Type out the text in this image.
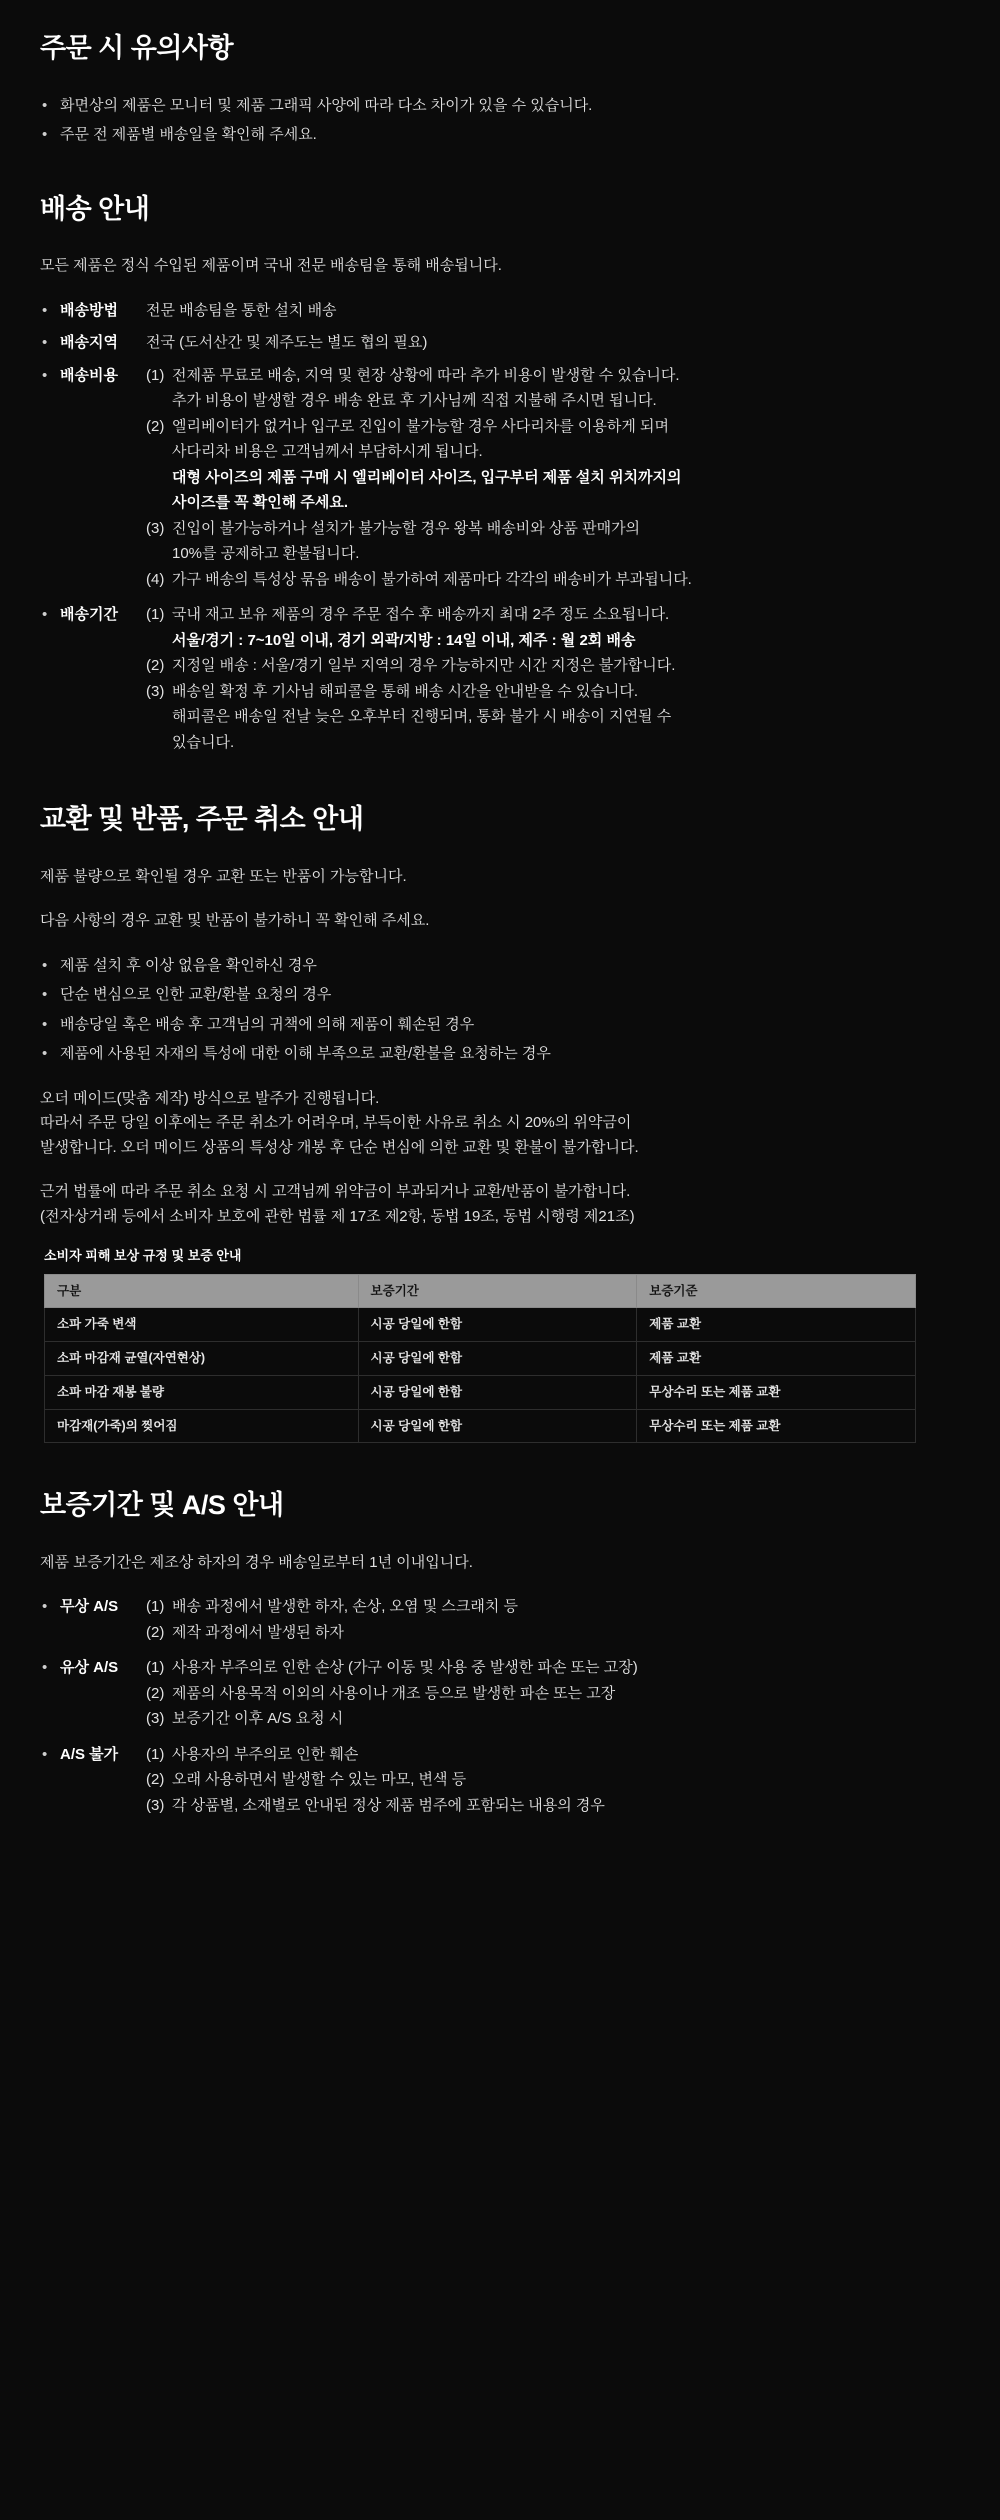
주문 시 유의사항
• 화면상의 제품은 모니터 및 제품 그래픽 사양에 따라 다소 차이가 있을 수 있습니다.
• 주문 전 제품별 배송일을 확인해 주세요.
배송 안내

모든 제품은 정식 수입된 제품이며 국내 전문 배송팀을 통해 배송됩니다.

• 배송방법	전문 배송팀을 통한 설치 배송
• 배송지역	전국 (도서산간 및 제주도는 별도 협의 필요)
• 배송비용	(1) 전제품 무료로 배송, 지역 및 현장 상황에 따라 추가 비용이 발생할 수 있습니다.
추가 비용이 발생할 경우 배송 완료 후 기사님께 직접 지불해 주시면 됩니다.
(2) 엘리베이터가 없거나 입구로 진입이 불가능할 경우 사다리차를 이용하게 되며
사다리차 비용은 고객님께서 부담하시게 됩니다.
대형 사이즈의 제품 구매 시 엘리베이터 사이즈, 입구부터 제품 설치 위치까지의
사이즈를 꼭 확인해 주세요.
(3) 진입이 불가능하거나 설치가 불가능할 경우 왕복 배송비와 상품 판매가의
10%를 공제하고 환불됩니다.
(4) 가구 배송의 특성상 묶음 배송이 불가하여 제품마다 각각의 배송비가 부과됩니다.
• 배송기간	(1) 국내 재고 보유 제품의 경우 주문 접수 후 배송까지 최대 2주 정도 소요됩니다.
서울/경기 : 7~10일 이내, 경기 외곽/지방 : 14일 이내, 제주 : 월 2회 배송
(2) 지정일 배송 : 서울/경기 일부 지역의 경우 가능하지만 시간 지정은 불가합니다.
(3) 배송일 확정 후 기사님 해피콜을 통해 배송 시간을 안내받을 수 있습니다.
해피콜은 배송일 전날 늦은 오후부터 진행되며, 통화 불가 시 배송이 지연될 수
있습니다.
교환 및 반품, 주문 취소 안내

제품 불량으로 확인될 경우 교환 또는 반품이 가능합니다.

다음 사항의 경우 교환 및 반품이 불가하니 꼭 확인해 주세요.

• 제품 설치 후 이상 없음을 확인하신 경우
• 단순 변심으로 인한 교환/환불 요청의 경우
• 배송당일 혹은 배송 후 고객님의 귀책에 의해 제품이 훼손된 경우
• 제품에 사용된 자재의 특성에 대한 이해 부족으로 교환/환불을 요청하는 경우

오더 메이드(맞춤 제작) 방식으로 발주가 진행됩니다.

따라서 주문 당일 이후에는 주문 취소가 어려우며, 부득이한 사유로 취소 시 20%의 위약금이

발생합니다. 오더 메이드 상품의 특성상 개봉 후 단순 변심에 의한 교환 및 환불이 불가합니다.

근거 법률에 따라 주문 취소 요청 시 고객님께 위약금이 부과되거나 교환/반품이 불가합니다.

(전자상거래 등에서 소비자 보호에 관한 법률 제 17조 제2항, 동법 19조, 동법 시행령 제21조)

소비자 피해 보상 규정 및 보증 안내
구분	보증기간	보증기준
소파 가죽 변색	시공 당일에 한함	제품 교환
소파 마감재 균열(자연현상)	시공 당일에 한함	제품 교환
소파 마감 재봉 불량	시공 당일에 한함	무상수리 또는 제품 교환
마감재(가죽)의 찢어짐	시공 당일에 한함	무상수리 또는 제품 교환
보증기간 및 A/S 안내

제품 보증기간은 제조상 하자의 경우 배송일로부터 1년 이내입니다.

• 무상 A/S	(1) 배송 과정에서 발생한 하자, 손상, 오염 및 스크래치 등
(2) 제작 과정에서 발생된 하자
• 유상 A/S	(1) 사용자 부주의로 인한 손상 (가구 이동 및 사용 중 발생한 파손 또는 고장)
(2) 제품의 사용목적 이외의 사용이나 개조 등으로 발생한 파손 또는 고장
(3) 보증기간 이후 A/S 요청 시
• A/S 불가	(1) 사용자의 부주의로 인한 훼손
(2) 오래 사용하면서 발생할 수 있는 마모, 변색 등
(3) 각 상품별, 소재별로 안내된 정상 제품 범주에 포함되는 내용의 경우
